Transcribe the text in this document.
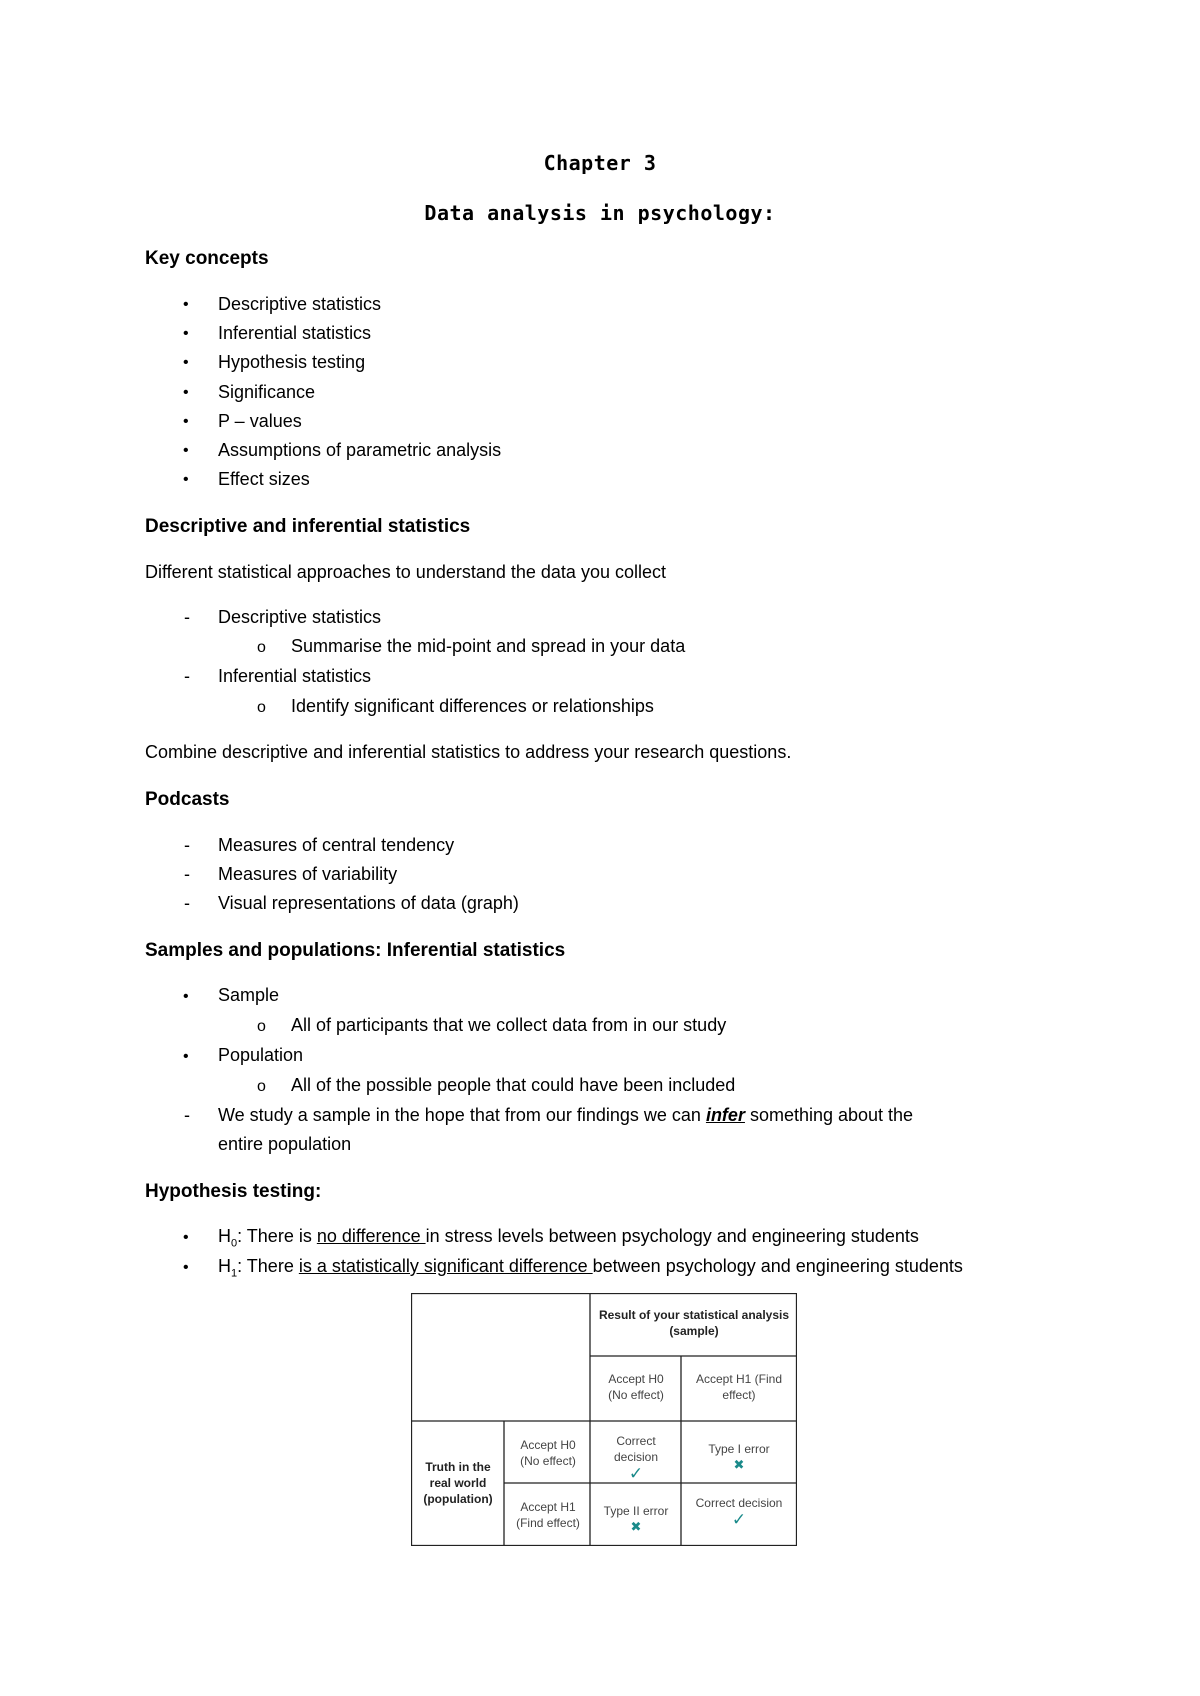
Chapter 3
Data analysis in psychology:
Key concepts
• Descriptive statistics
• Inferential statistics
• Hypothesis testing
• Significance
• P – values
• Assumptions of parametric analysis
• Effect sizes
Descriptive and inferential statistics
Different statistical approaches to understand the data you collect
- Descriptive statistics
o Summarise the mid-point and spread in your data
- Inferential statistics
o Identify significant differences or relationships
Combine descriptive and inferential statistics to address your research questions.
Podcasts
- Measures of central tendency
- Measures of variability
- Visual representations of data (graph)
Samples and populations: Inferential statistics
• Sample
o All of participants that we collect data from in our study
• Population
o All of the possible people that could have been included
- We study a sample in the hope that from our findings we can infer something about the
entire population
Hypothesis testing:
• $H_0$: There is no difference in stress levels between psychology and engineering students
• $H_1$: There is a statistically significant difference between psychology and engineering students
Result of your statistical analysis (sample)
Accept H0 (No effect)
Accept H1 (Find effect)
Truth in the real world (population)
Accept H0 (No effect)
Accept H1 (Find effect)
Correct decision
✓
Type I error
✖
Type II error
✖
Correct decision
✓
